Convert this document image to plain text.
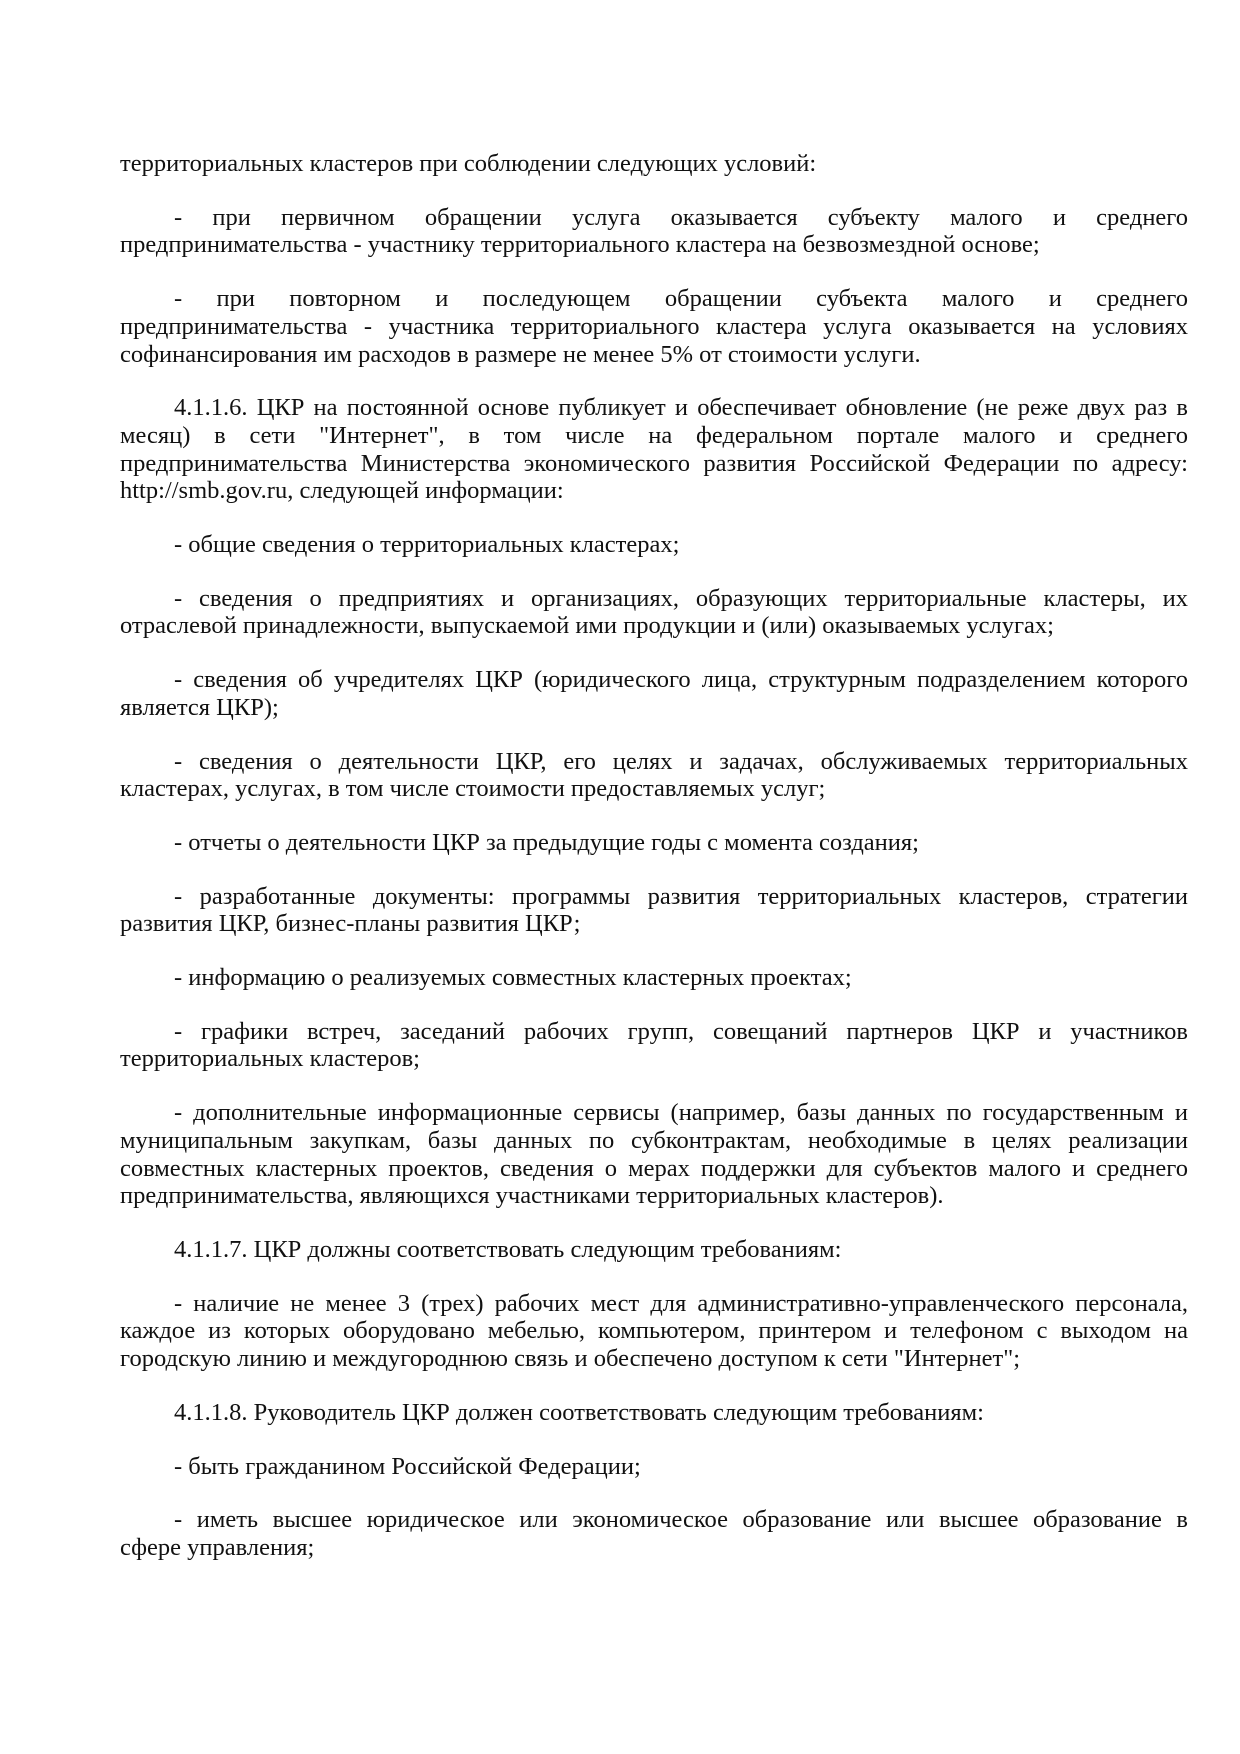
территориальных кластеров при соблюдении следующих условий:
- при первичном обращении услуга оказывается субъекту малого и среднего
предпринимательства - участнику территориального кластера на безвозмездной основе;
- при повторном и последующем обращении субъекта малого и среднего
предпринимательства - участника территориального кластера услуга оказывается на условиях
софинансирования им расходов в размере не менее 5% от стоимости услуги.
4.1.1.6. ЦКР на постоянной основе публикует и обеспечивает обновление (не реже двух раз в
месяц) в сети "Интернет", в том числе на федеральном портале малого и среднего
предпринимательства Министерства экономического развития Российской Федерации по адресу:
http://smb.gov.ru, следующей информации:
- общие сведения о территориальных кластерах;
- сведения о предприятиях и организациях, образующих территориальные кластеры, их
отраслевой принадлежности, выпускаемой ими продукции и (или) оказываемых услугах;
- сведения об учредителях ЦКР (юридического лица, структурным подразделением которого
является ЦКР);
- сведения о деятельности ЦКР, его целях и задачах, обслуживаемых территориальных
кластерах, услугах, в том числе стоимости предоставляемых услуг;
- отчеты о деятельности ЦКР за предыдущие годы с момента создания;
- разработанные документы: программы развития территориальных кластеров, стратегии
развития ЦКР, бизнес-планы развития ЦКР;
- информацию о реализуемых совместных кластерных проектах;
- графики встреч, заседаний рабочих групп, совещаний партнеров ЦКР и участников
территориальных кластеров;
- дополнительные информационные сервисы (например, базы данных по государственным и
муниципальным закупкам, базы данных по субконтрактам, необходимые в целях реализации
совместных кластерных проектов, сведения о мерах поддержки для субъектов малого и среднего
предпринимательства, являющихся участниками территориальных кластеров).
4.1.1.7. ЦКР должны соответствовать следующим требованиям:
- наличие не менее 3 (трех) рабочих мест для административно-управленческого персонала,
каждое из которых оборудовано мебелью, компьютером, принтером и телефоном с выходом на
городскую линию и междугороднюю связь и обеспечено доступом к сети "Интернет";
4.1.1.8. Руководитель ЦКР должен соответствовать следующим требованиям:
- быть гражданином Российской Федерации;
- иметь высшее юридическое или экономическое образование или высшее образование в
сфере управления;
